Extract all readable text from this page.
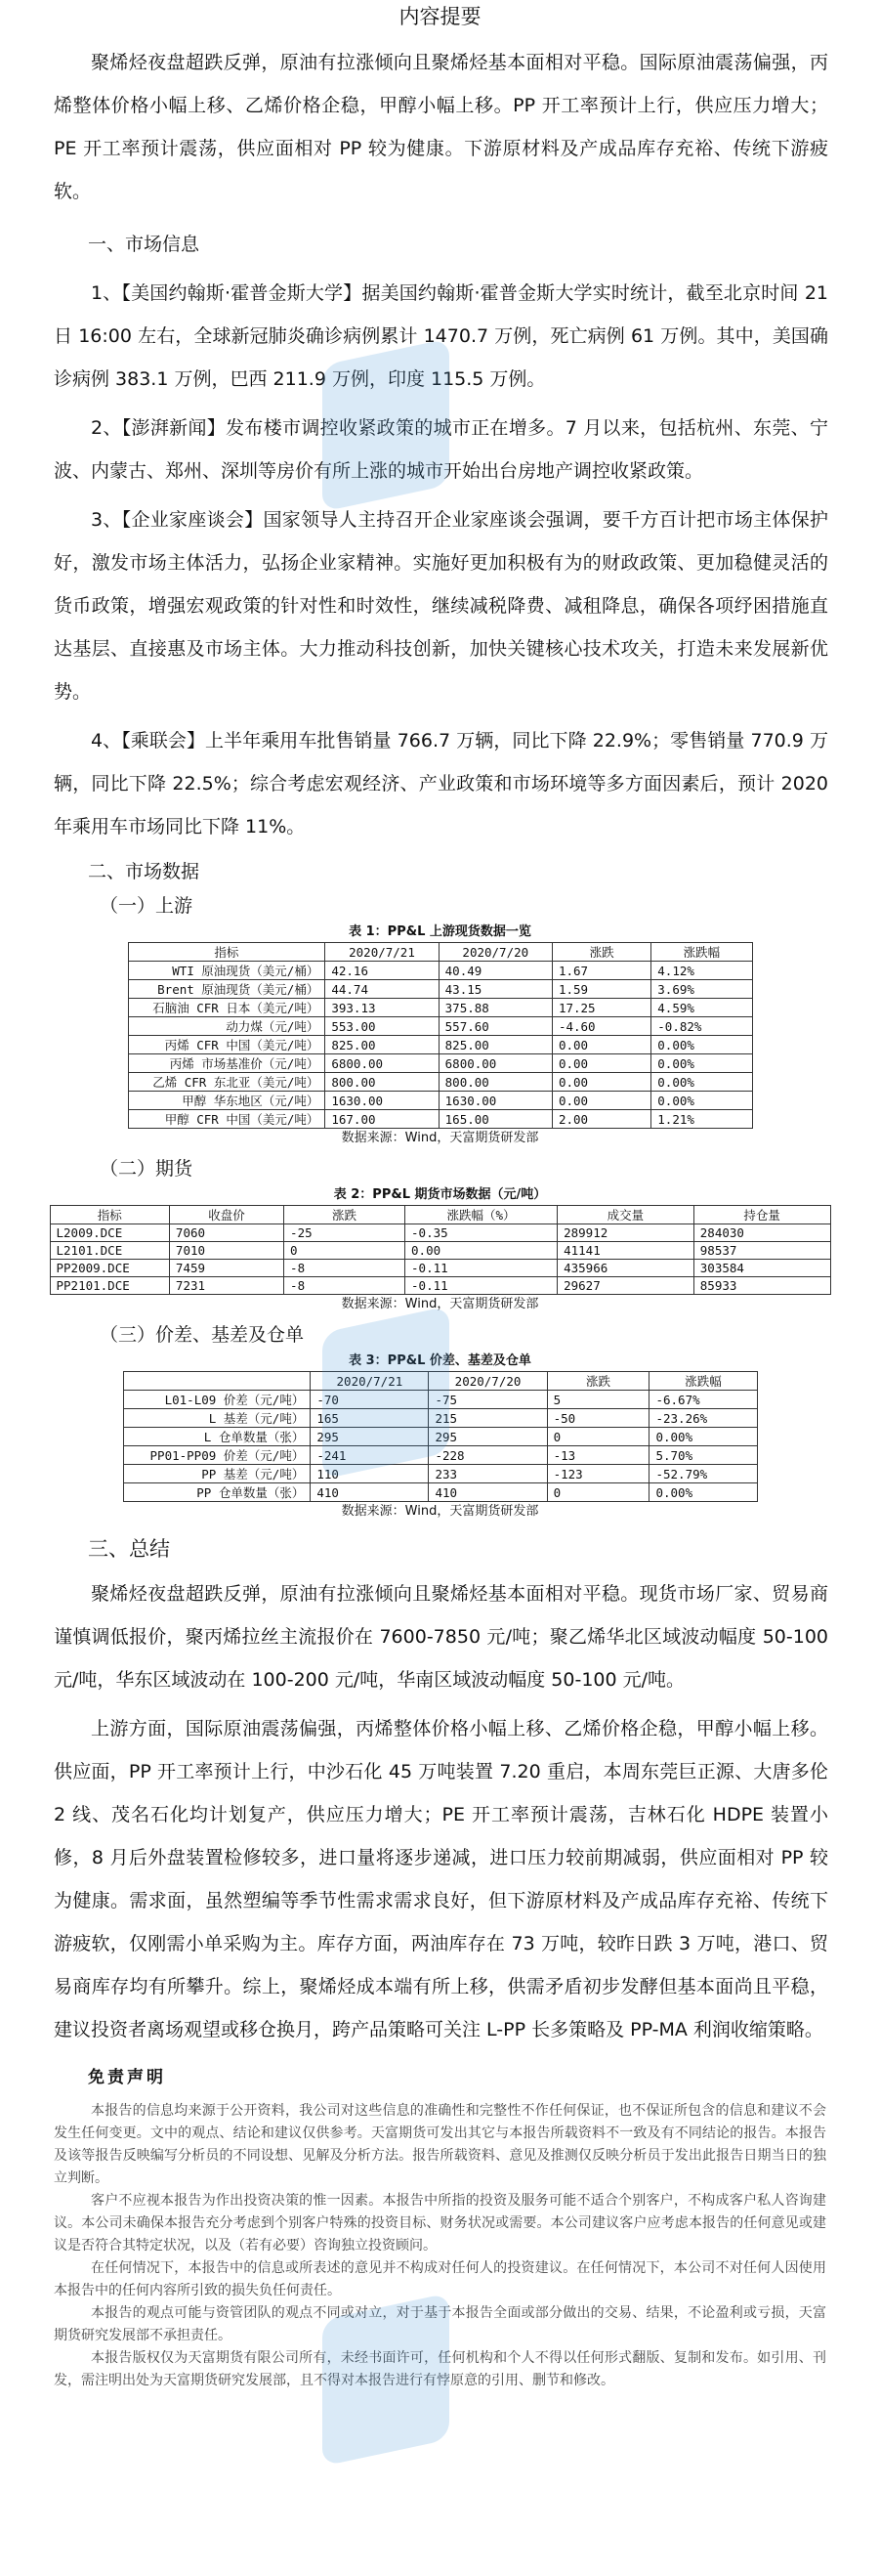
内容提要

聚烯烃夜盘超跌反弹，原油有拉涨倾向且聚烯烃基本面相对平稳。国际原油震荡偏强，丙烯整体价格小幅上移、乙烯价格企稳，甲醇小幅上移。PP 开工率预计上行，供应压力增大；PE 开工率预计震荡，供应面相对 PP 较为健康。下游原材料及产成品库存充裕、传统下游疲软。

一、市场信息

1、【美国约翰斯·霍普金斯大学】据美国约翰斯·霍普金斯大学实时统计，截至北京时间 21 日 16:00 左右，全球新冠肺炎确诊病例累计 1470.7 万例，死亡病例 61 万例。其中，美国确诊病例 383.1 万例，巴西 211.9 万例，印度 115.5 万例。

2、【澎湃新闻】发布楼市调控收紧政策的城市正在增多。7 月以来，包括杭州、东莞、宁波、内蒙古、郑州、深圳等房价有所上涨的城市开始出台房地产调控收紧政策。

3、【企业家座谈会】国家领导人主持召开企业家座谈会强调，要千方百计把市场主体保护好，激发市场主体活力，弘扬企业家精神。实施好更加积极有为的财政政策、更加稳健灵活的货币政策，增强宏观政策的针对性和时效性，继续减税降费、减租降息，确保各项纾困措施直达基层、直接惠及市场主体。大力推动科技创新，加快关键核心技术攻关，打造未来发展新优势。

4、【乘联会】上半年乘用车批售销量 766.7 万辆，同比下降 22.9%；零售销量 770.9 万辆，同比下降 22.5%；综合考虑宏观经济、产业政策和市场环境等多方面因素后，预计 2020 年乘用车市场同比下降 11%。

二、市场数据

（一）上游

表 1：PP&L 上游现货数据一览
指标	2020/7/21	2020/7/20	涨跌	涨跌幅
WTI 原油现货（美元/桶）	42.16	40.49	1.67	4.12%
Brent 原油现货（美元/桶）	44.74	43.15	1.59	3.69%
石脑油 CFR 日本（美元/吨）	393.13	375.88	17.25	4.59%
动力煤（元/吨）	553.00	557.60	-4.60	-0.82%
丙烯 CFR 中国（美元/吨）	825.00	825.00	0.00	0.00%
丙烯 市场基准价（元/吨）	6800.00	6800.00	0.00	0.00%
乙烯 CFR 东北亚（美元/吨）	800.00	800.00	0.00	0.00%
甲醇 华东地区（元/吨）	1630.00	1630.00	0.00	0.00%
甲醇 CFR 中国（美元/吨）	167.00	165.00	2.00	1.21%
数据来源：Wind，天富期货研发部

（二）期货

表 2：PP&L 期货市场数据（元/吨）
指标	收盘价	涨跌	涨跌幅（%）	成交量	持仓量
L2009.DCE	7060	-25	-0.35	289912	284030
L2101.DCE	7010	0	0.00	41141	98537
PP2009.DCE	7459	-8	-0.11	435966	303584
PP2101.DCE	7231	-8	-0.11	29627	85933
数据来源：Wind，天富期货研发部

（三）价差、基差及仓单

表 3：PP&L 价差、基差及仓单
	2020/7/21	2020/7/20	涨跌	涨跌幅
L01-L09 价差（元/吨）	-70	-75	5	-6.67%
L 基差（元/吨）	165	215	-50	-23.26%
L 仓单数量（张）	295	295	0	0.00%
PP01-PP09 价差（元/吨）	-241	-228	-13	5.70%
PP 基差（元/吨）	110	233	-123	-52.79%
PP 仓单数量（张）	410	410	0	0.00%
数据来源：Wind，天富期货研发部

三、总结

聚烯烃夜盘超跌反弹，原油有拉涨倾向且聚烯烃基本面相对平稳。现货市场厂家、贸易商谨慎调低报价，聚丙烯拉丝主流报价在 7600-7850 元/吨；聚乙烯华北区域波动幅度 50-100 元/吨，华东区域波动在 100-200 元/吨，华南区域波动幅度 50-100 元/吨。

上游方面，国际原油震荡偏强，丙烯整体价格小幅上移、乙烯价格企稳，甲醇小幅上移。供应面，PP 开工率预计上行，中沙石化 45 万吨装置 7.20 重启，本周东莞巨正源、大唐多伦 2 线、茂名石化均计划复产，供应压力增大；PE 开工率预计震荡，吉林石化 HDPE 装置小修，8 月后外盘装置检修较多，进口量将逐步递减，进口压力较前期减弱，供应面相对 PP 较为健康。需求面，虽然塑编等季节性需求需求良好，但下游原材料及产成品库存充裕、传统下游疲软，仅刚需小单采购为主。库存方面，两油库存在 73 万吨，较昨日跌 3 万吨，港口、贸易商库存均有所攀升。综上，聚烯烃成本端有所上移，供需矛盾初步发酵但基本面尚且平稳，建议投资者离场观望或移仓换月，跨产品策略可关注 L-PP 长多策略及 PP-MA 利润收缩策略。

免责声明

本报告的信息均来源于公开资料，我公司对这些信息的准确性和完整性不作任何保证，也不保证所包含的信息和建议不会发生任何变更。文中的观点、结论和建议仅供参考。天富期货可发出其它与本报告所载资料不一致及有不同结论的报告。本报告及该等报告反映编写分析员的不同设想、见解及分析方法。报告所载资料、意见及推测仅反映分析员于发出此报告日期当日的独立判断。

客户不应视本报告为作出投资决策的惟一因素。本报告中所指的投资及服务可能不适合个别客户，不构成客户私人咨询建议。本公司未确保本报告充分考虑到个别客户特殊的投资目标、财务状况或需要。本公司建议客户应考虑本报告的任何意见或建议是否符合其特定状况，以及（若有必要）咨询独立投资顾问。

在任何情况下，本报告中的信息或所表述的意见并不构成对任何人的投资建议。在任何情况下，本公司不对任何人因使用本报告中的任何内容所引致的损失负任何责任。

本报告的观点可能与资管团队的观点不同或对立，对于基于本报告全面或部分做出的交易、结果，不论盈利或亏损，天富期货研究发展部不承担责任。

本报告版权仅为天富期货有限公司所有，未经书面许可，任何机构和个人不得以任何形式翻版、复制和发布。如引用、刊发，需注明出处为天富期货研究发展部，且不得对本报告进行有悖原意的引用、删节和修改。
